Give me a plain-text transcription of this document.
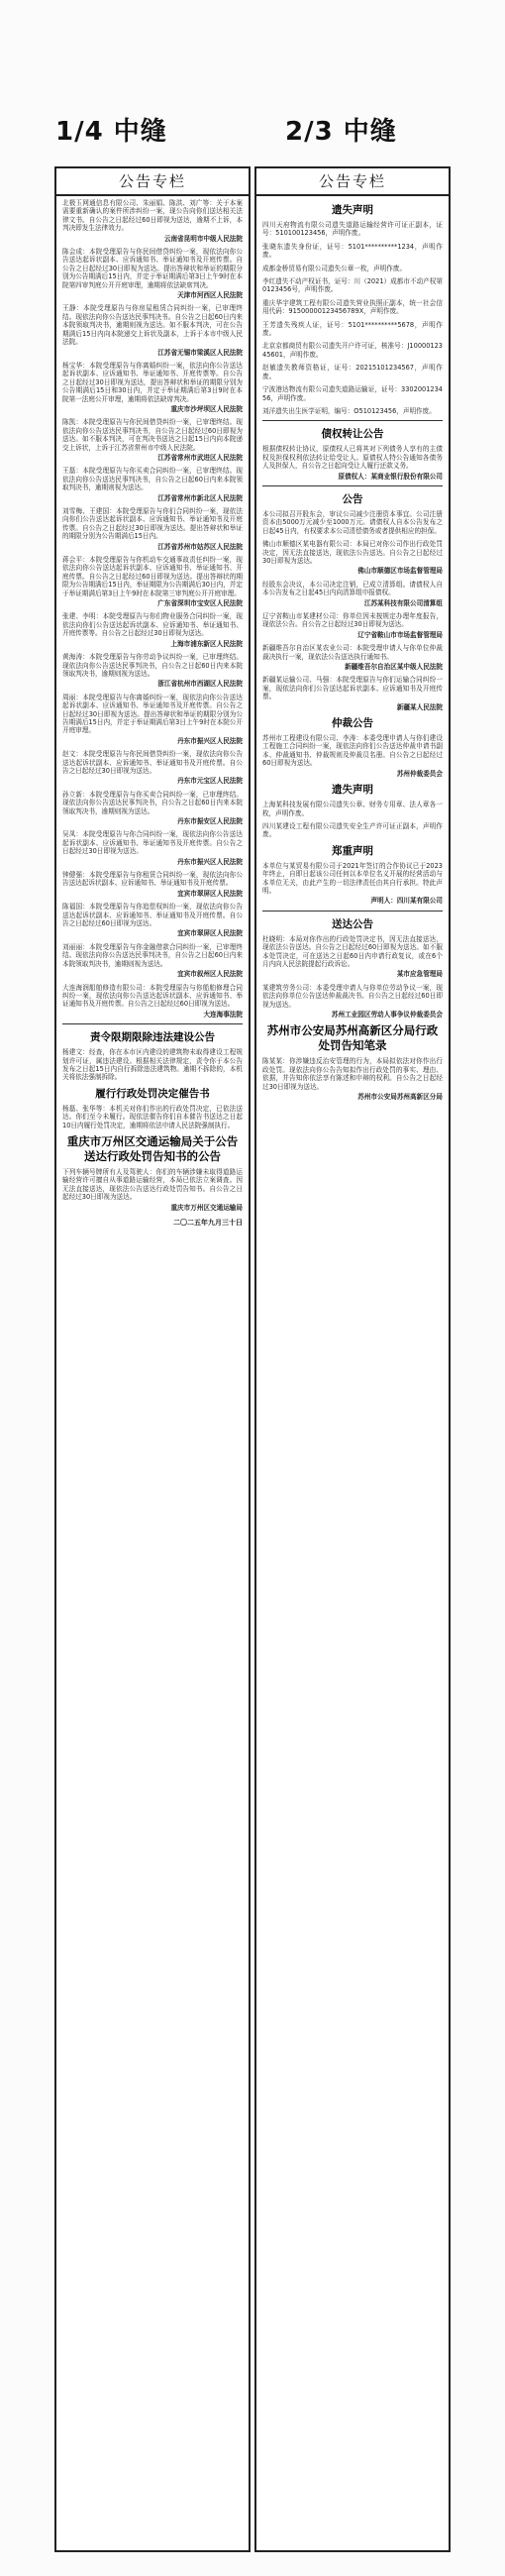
1/4 中缝	2/3 中缝
公告专栏
北极玉网通信息有限公司、朱丽娟、陈洪、刘广等：关于本案需要重新确认的案件所涉纠纷一案，现公告向你们送达相关法律文书。自公告之日起经过60日即视为送达，逾期不上诉，本判决即发生法律效力。
云南省昆明市中级人民法院
陈会成：本院受理原告与你民间借贷纠纷一案，现依法向你公告送达起诉状副本、应诉通知书、举证通知书及开庭传票。自公告之日起经过30日即视为送达。提出答辩状和举证的期限分别为公告期满后15日内，并定于举证期满后第3日上午9时在本院第四审判庭公开开庭审理，逾期将依法缺席判决。
天津市河西区人民法院
王静：本院受理原告与你房屋租赁合同纠纷一案，已审理终结。现依法向你公告送达民事判决书。自公告之日起60日内来本院领取判决书，逾期则视为送达。如不服本判决，可在公告期满后15日内向本院递交上诉状及副本，上诉于本市中级人民法院。
江苏省无锡市梁溪区人民法院
杨宝华：本院受理原告与你离婚纠纷一案，依法向你公告送达起诉状副本、应诉通知书、举证通知书、开庭传票等。自公告之日起经过30日即视为送达，提出答辩状和举证的期限分别为公告期满后15日和30日内，并定于举证期满后第3日9时在本院第一法庭公开审理，逾期将依法缺席判决。
重庆市沙坪坝区人民法院
陈凯：本院受理原告与你民间借贷纠纷一案，已审理终结。现依法向你公告送达民事判决书，自公告之日起经过60日即视为送达。如不服本判决，可在判决书送达之日起15日内向本院递交上诉状，上诉于江苏省常州市中级人民法院。
江苏省常州市武进区人民法院
王磊：本院受理原告与你买卖合同纠纷一案，已审理终结。现依法向你公告送达民事判决书，自公告之日起60日内来本院领取判决书，逾期则视为送达。
江苏省常州市新北区人民法院
刘雪梅、王建国：本院受理原告与你们合同纠纷一案，现依法向你们公告送达起诉状副本、应诉通知书、举证通知书及开庭传票。自公告之日起经过30日即视为送达。提出答辩状和举证的期限分别为公告期满后15日内。
江苏省苏州市姑苏区人民法院
蒋会平：本院受理原告与你机动车交通事故责任纠纷一案，现依法向你公告送达起诉状副本、应诉通知书、举证通知书、开庭传票。自公告之日起经过60日即视为送达。提出答辩状的期限为公告期满后15日内，举证期限为公告期满后30日内，并定于举证期满后第3日上午9时在本院第三审判庭公开开庭审理。
广东省深圳市宝安区人民法院
张建、李明：本院受理原告与你们物业服务合同纠纷一案，现依法向你们公告送达起诉状副本、应诉通知书、举证通知书、开庭传票等。自公告之日起经过30日即视为送达。
上海市浦东新区人民法院
黄海涛：本院受理原告与你劳动争议纠纷一案，已审理终结。现依法向你公告送达民事判决书，自公告之日起60日内来本院领取判决书，逾期则视为送达。
浙江省杭州市西湖区人民法院
周丽：本院受理原告与你离婚纠纷一案，现依法向你公告送达起诉状副本、应诉通知书、举证通知书及开庭传票。自公告之日起经过30日即视为送达。提出答辩状和举证的期限分别为公告期满后15日内，并定于举证期满后第3日上午9时在本院公开开庭审理。
丹东市振兴区人民法院
赵文：本院受理原告与你民间借贷纠纷一案，现依法向你公告送达起诉状副本、应诉通知书、举证通知书及开庭传票。自公告之日起经过30日即视为送达。
丹东市元宝区人民法院
孙立新：本院受理原告与你买卖合同纠纷一案，已审理终结。现依法向你公告送达民事判决书，自公告之日起60日内来本院领取判决书，逾期则视为送达。
丹东市振安区人民法院
吴凤：本院受理原告与你合同纠纷一案，现依法向你公告送达起诉状副本、应诉通知书、举证通知书及开庭传票。自公告之日起经过30日即视为送达。
丹东市振兴区人民法院
钟健强：本院受理原告与你租赁合同纠纷一案，现依法向你公告送达起诉状副本、应诉通知书、举证通知书及开庭传票。
宜宾市翠屏区人民法院
陈福国：本院受理原告与你追偿权纠纷一案，现依法向你公告送达起诉状副本、应诉通知书、举证通知书及开庭传票。自公告之日起经过60日即视为送达。
宜宾市翠屏区人民法院
刘丽丽：本院受理原告与你金融借款合同纠纷一案，已审理终结。现依法向你公告送达民事判决书，自公告之日起60日内来本院领取判决书，逾期则视为送达。
宜宾市叙州区人民法院
大连海润船舶修造有限公司：本院受理原告与你船舶修理合同纠纷一案，现依法向你公告送达起诉状副本、应诉通知书、举证通知书及开庭传票。自公告之日起经过60日即视为送达。
大连海事法院
责令限期限除违法建设公告
杨建文：经查，你在本市区内建设的建筑物未取得建设工程规划许可证，属违法建设。根据相关法律规定，责令你于本公告发布之日起15日内自行拆除违法建筑物。逾期不拆除的，本机关将依法强制拆除。
履行行政处罚决定催告书
杨磊、张华等：本机关对你们作出的行政处罚决定，已依法送达。你们至今未履行。现依法催告你们自本催告书送达之日起10日内履行处罚决定，逾期将依法申请人民法院强制执行。
重庆市万州区交通运输局关于公告送达行政处罚告知书的公告
下列车辆号牌所有人及驾驶人：你们的车辆涉嫌未取得道路运输经营许可擅自从事道路运输经营，本局已依法立案调查。因无法直接送达，现依法公告送达行政处罚告知书。自公告之日起经过30日即视为送达。
重庆市万州区交通运输局
二〇二五年九月三十日
公告专栏
遗失声明
四川天府物流有限公司遗失道路运输经营许可证正副本，证号：510100123456，声明作废。
张晓东遗失身份证，证号：5101**********1234，声明作废。
成都金桥贸易有限公司遗失公章一枚，声明作废。
李红遗失不动产权证书，证号：川（2021）成都市不动产权第0123456号，声明作废。
重庆华宇建筑工程有限公司遗失营业执照正副本，统一社会信用代码：91500000123456789X，声明作废。
王芳遗失残疾人证，证号：5101**********5678，声明作废。
北京京都商贸有限公司遗失开户许可证，核准号：J1000012345601，声明作废。
赵敏遗失教师资格证，证号：20215101234567，声明作废。
宁波港达物流有限公司遗失道路运输证，证号：330200123456，声明作废。
刘洋遗失出生医学证明，编号：O510123456，声明作废。
债权转让公告
根据债权转让协议，原债权人已将其对下列债务人享有的主债权及担保权利依法转让给受让人。原债权人特公告通知各债务人及担保人，自公告之日起向受让人履行还款义务。
原债权人：某商业银行股份有限公司
公告
本公司拟召开股东会，审议公司减少注册资本事宜。公司注册资本由5000万元减少至1000万元。请债权人自本公告发布之日起45日内，有权要求本公司清偿债务或者提供相应的担保。
佛山市顺德区某电器有限公司：本局已对你公司作出行政处罚决定，因无法直接送达，现依法公告送达。自公告之日起经过30日即视为送达。
佛山市顺德区市场监督管理局
经股东会决议，本公司决定注销，已成立清算组。请债权人自本公告发布之日起45日内向清算组申报债权。
江苏某科技有限公司清算组
辽宁省鞍山市某建材公司：你单位因未按规定办理年度报告，现依法公告。自公告之日起经过30日即视为送达。
辽宁省鞍山市市场监督管理局
新疆维吾尔自治区某农业公司：本院受理申请人与你单位仲裁裁决执行一案，现依法公告送达执行通知书。
新疆维吾尔自治区某中级人民法院
新疆某运输公司、马强：本院受理原告与你们运输合同纠纷一案，现依法向你们公告送达起诉状副本、应诉通知书及开庭传票。
新疆某人民法院
仲裁公告
苏州市工程建设有限公司、李涛：本委受理申请人与你们建设工程施工合同纠纷一案，现依法向你们公告送达仲裁申请书副本、仲裁通知书、仲裁规则及仲裁员名册。自公告之日起经过60日即视为送达。
苏州仲裁委员会
遗失声明
上海某科技发展有限公司遗失公章、财务专用章、法人章各一枚，声明作废。
四川某建设工程有限公司遗失安全生产许可证正副本，声明作废。
郑重声明
本单位与某贸易有限公司于2021年签订的合作协议已于2023年终止，自即日起该公司任何以本单位名义开展的经营活动与本单位无关，由此产生的一切法律责任由其自行承担。特此声明。
声明人：四川某有限公司
送达公告
杜晓明：本局对你作出的行政处罚决定书，因无法直接送达，现依法公告送达。自公告之日起经过60日即视为送达。如不服本处罚决定，可在送达之日起60日内申请行政复议，或在6个月内向人民法院提起行政诉讼。
某市应急管理局
某建筑劳务公司：本委受理申请人与你单位劳动争议一案，现依法向你单位公告送达仲裁裁决书。自公告之日起经过60日即视为送达。
苏州工业园区劳动人事争议仲裁委员会
苏州市公安局苏州高新区分局行政处罚告知笔录
陈某某：你涉嫌违反治安管理的行为，本局拟依法对你作出行政处罚。现依法向你公告告知拟作出行政处罚的事实、理由、依据，并告知你依法享有陈述和申辩的权利。自公告之日起经过30日即视为送达。
苏州市公安局苏州高新区分局
